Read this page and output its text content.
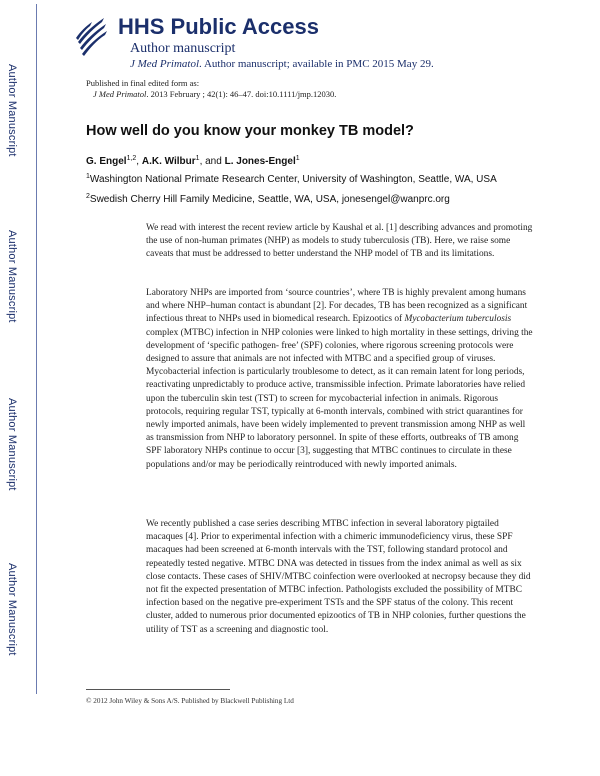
Author Manuscript
Author Manuscript
Author Manuscript
Author Manuscript
HHS Public Access
Author manuscript
J Med Primatol. Author manuscript; available in PMC 2015 May 29.
Published in final edited form as:
J Med Primatol. 2013 February ; 42(1): 46–47. doi:10.1111/jmp.12030.
How well do you know your monkey TB model?
G. Engel$^{1,2}$, A.K. Wilbur$^1$, and L. Jones-Engel$^1$
$^1$Washington National Primate Research Center, University of Washington, Seattle, WA, USA
$^2$Swedish Cherry Hill Family Medicine, Seattle, WA, USA, jonesengel@wanprc.org

We read with interest the recent review article by Kaushal et al. [1] describing advances and promoting the use of non-human primates (NHP) as models to study tuberculosis (TB). Here, we raise some caveats that must be addressed to better understand the NHP model of TB and its limitations.

Laboratory NHPs are imported from ‘source countries’, where TB is highly prevalent among humans and where NHP–human contact is abundant [2]. For decades, TB has been recognized as a significant infectious threat to NHPs used in biomedical research. Epizootics of Mycobacterium tuberculosis complex (MTBC) infection in NHP colonies were linked to high mortality in these settings, driving the development of ‘specific pathogen- free’ (SPF) colonies, where rigorous screening protocols were designed to assure that animals are not infected with MTBC and a specified group of viruses. Mycobacterial infection is particularly troublesome to detect, as it can remain latent for long periods, reactivating unpredictably to produce active, transmissible infection. Primate laboratories have relied upon the tuberculin skin test (TST) to screen for mycobacterial infection in animals. Rigorous protocols, requiring regular TST, typically at 6-month intervals, combined with strict quarantines for newly imported animals, have been widely implemented to prevent transmission among NHP as well as transmission from NHP to laboratory personnel. In spite of these efforts, outbreaks of TB among SPF laboratory NHPs continue to occur [3], suggesting that MTBC continues to circulate in these populations and/or may be periodically reintroduced with newly imported animals.

We recently published a case series describing MTBC infection in several laboratory pigtailed macaques [4]. Prior to experimental infection with a chimeric immunodeficiency virus, these SPF macaques had been screened at 6-month intervals with the TST, following standard protocol and repeatedly tested negative. MTBC DNA was detected in tissues from the index animal as well as six close contacts. These cases of SHIV/MTBC coinfection were overlooked at necropsy because they did not fit the expected presentation of MTBC infection. Pathologists excluded the possibility of MTBC infection based on the negative pre-experiment TSTs and the SPF status of the colony. This recent cluster, added to numerous prior documented epizootics of TB in NHP colonies, further questions the utility of TST as a screening and diagnostic tool.

© 2012 John Wiley & Sons A/S. Published by Blackwell Publishing Ltd
